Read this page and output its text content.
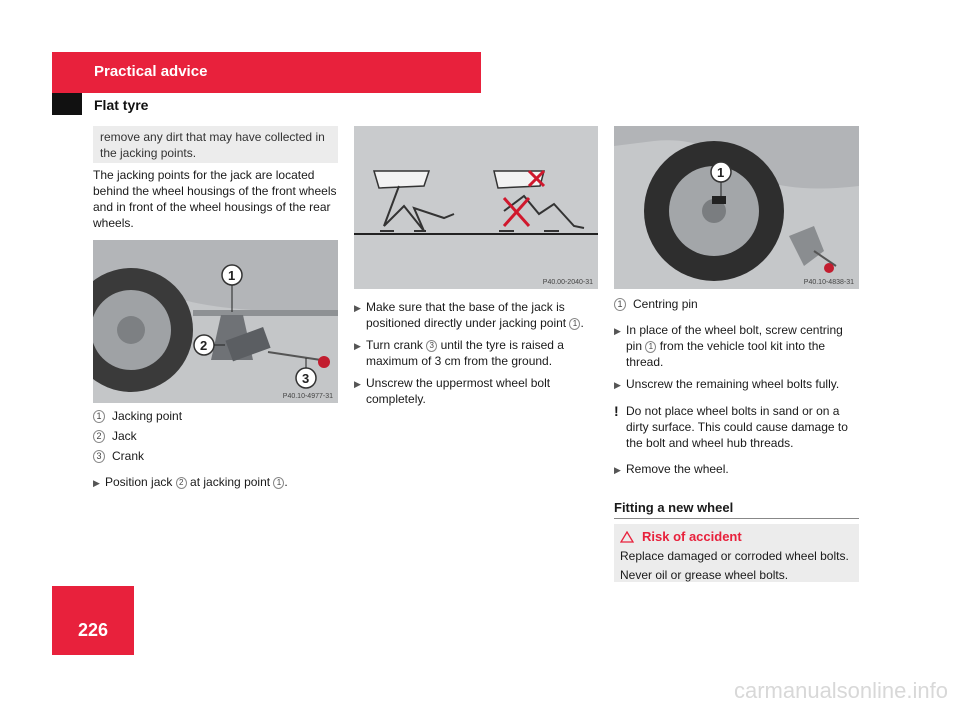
Practical advice
Flat tyre

remove any dirt that may have collected in the jacking points.

The jacking points for the jack are located behind the wheel housings of the front wheels and in front of the wheel housings of the rear wheels.

1
2
3
P40.10-4977-31
1 Jacking point
2 Jack
3 Crank
▶ Position jack 2 at jacking point 1 .
P40.00-2040-31
▶ Make sure that the base of the jack is positioned directly under jacking point 1 .
▶ Turn crank 3 until the tyre is raised a maximum of 3 cm from the ground.
▶ Unscrew the uppermost wheel bolt completely.
1
P40.10-4838-31
1 Centring pin
▶ In place of the wheel bolt, screw centring pin 1 from the vehicle tool kit into the thread.
▶ Unscrew the remaining wheel bolts fully.
! Do not place wheel bolts in sand or on a dirty surface. This could cause damage to the bolt and wheel hub threads.
▶ Remove the wheel.
Fitting a new wheel
Risk of accident
Replace damaged or corroded wheel bolts.
Never oil or grease wheel bolts.
226
carmanualsonline.info
